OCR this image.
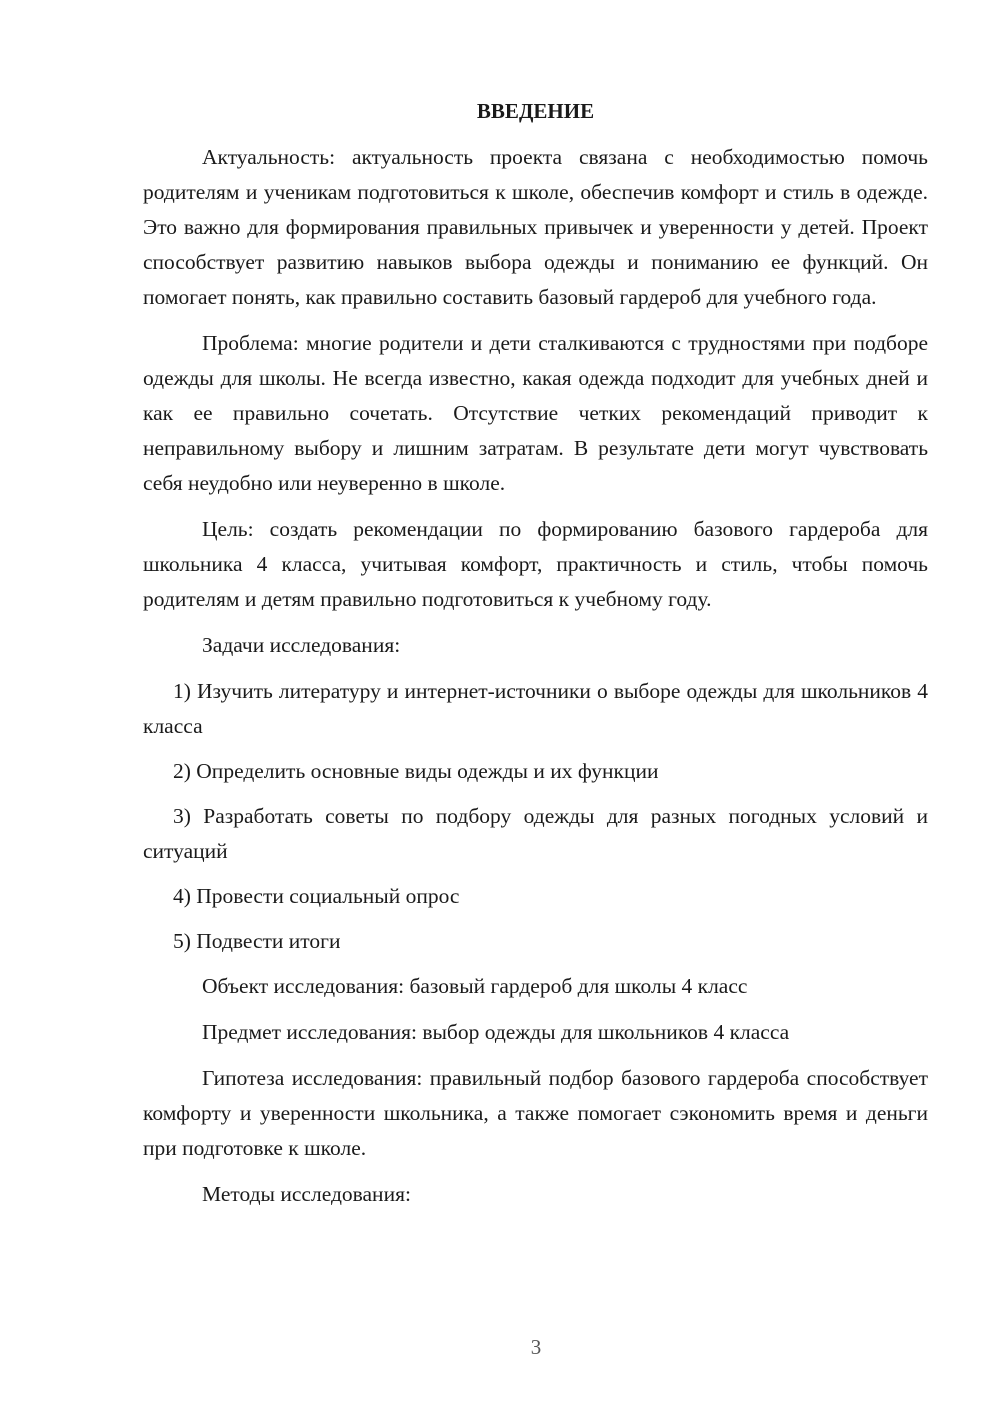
ВВЕДЕНИЕ

Актуальность: актуальность проекта связана с необходимостью помочь родителям и ученикам подготовиться к школе, обеспечив комфорт и стиль в одежде. Это важно для формирования правильных привычек и уверенности у детей. Проект способствует развитию навыков выбора одежды и пониманию ее функций. Он помогает понять, как правильно составить базовый гардероб для учебного года.

Проблема: многие родители и дети сталкиваются с трудностями при подборе одежды для школы. Не всегда известно, какая одежда подходит для учебных дней и как ее правильно сочетать. Отсутствие четких рекомендаций приводит к неправильному выбору и лишним затратам. В результате дети могут чувствовать себя неудобно или неуверенно в школе.

Цель: создать рекомендации по формированию базового гардероба для школьника 4 класса, учитывая комфорт, практичность и стиль, чтобы помочь родителям и детям правильно подготовиться к учебному году.

Задачи исследования:

1) Изучить литературу и интернет-источники о выборе одежды для школьников 4 класса

2) Определить основные виды одежды и их функции

3) Разработать советы по подбору одежды для разных погодных условий и ситуаций

4) Провести социальный опрос

5) Подвести итоги

Объект исследования: базовый гардероб для школы 4 класс

Предмет исследования: выбор одежды для школьников 4 класса

Гипотеза исследования: правильный подбор базового гардероба способствует комфорту и уверенности школьника, а также помогает сэкономить время и деньги при подготовке к школе.

Методы исследования:

3
